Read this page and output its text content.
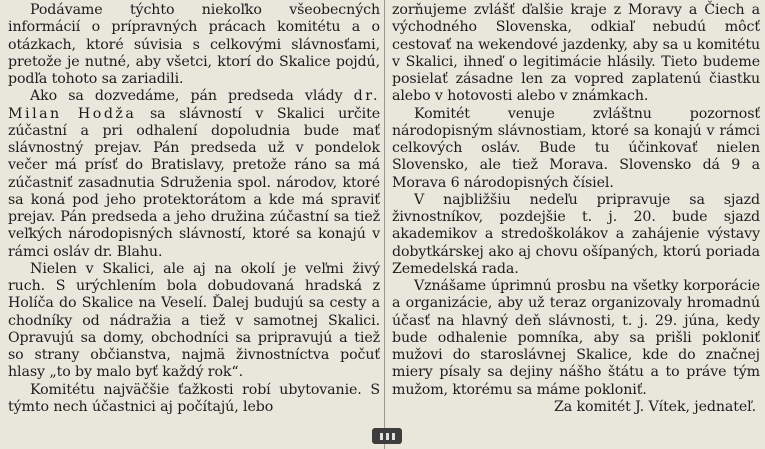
Podávame týchto niekoľko všeobecných informácií o prípravných prácach komitétu a o otázkach, ktoré súvisia s celkovými slávnosťami, pretože je nutné, aby všetci, ktorí do Skalice pojdú, podľa tohoto sa zariadili.

Ako sa dozvedáme, pán predseda vlády dr. Milan Hodža sa slávností v Skalici určite zúčastní a pri odhalení dopoludnia bude mať slávnostný prejav. Pán predseda už v pondelok večer má prísť do Bratislavy, pretože ráno sa má zúčastniť zasadnutia Sdruženia spol. národov, ktoré sa koná pod jeho protektorátom a kde má spraviť prejav. Pán predseda a jeho družina zúčastní sa tiež veľkých národopisných slávností, ktoré sa konajú v rámci osláv dr. Blahu.

Nielen v Skalici, ale aj na okolí je veľmi živý ruch. S urýchlením bola dobudovaná hradská z Holíča do Skalice na Veselí. Ďalej budujú sa cesty a chodníky od nádražia a tiež v samotnej Skalici. Opravujú sa domy, obchodníci sa pripravujú a tiež so strany občianstva, najmä živnostníctva počuť hlasy „to by malo byť každý rok“.

Komitétu najväčšie ťažkosti robí ubytovanie. S týmto nech účastnici aj počítajú, lebo

zorňujeme zvlášť ďalšie kraje z Moravy a Čiech a východného Slovenska, odkiaľ nebudú môcť cestovať na wekendové jazdenky, aby sa u komitétu v Skalici, ihneď o legitimácie hlásily. Tieto budeme posielať zásadne len za vopred zaplatenú čiastku alebo v hotovosti alebo v známkach.

Komitét venuje zvláštnu pozornosť národopisným slávnostiam, ktoré sa konajú v rámci celkových osláv. Bude tu účinkovať nielen Slovensko, ale tiež Morava. Slovensko dá 9 a Morava 6 národopisných čísiel.

V najbližšiu nedeľu pripravuje sa sjazd živnostníkov, pozdejšie t. j. 20. bude sjazd akademikov a stredoškolákov a zahájenie výstavy dobytkárskej ako aj chovu ošípaných, ktorú poriada Zemedelská rada.

Vznášame úprimnú prosbu na všetky korporácie a organizácie, aby už teraz organizovaly hromadnú účasť na hlavný deň slávnosti, t. j. 29. júna, kedy bude odhalenie pomníka, aby sa prišli pokloniť mužovi do staroslávnej Skalice, kde do značnej miery písaly sa dejiny nášho štátu a to práve tým mužom, ktorému sa máme pokloniť.

Za komitét J. Vítek, jednateľ.
